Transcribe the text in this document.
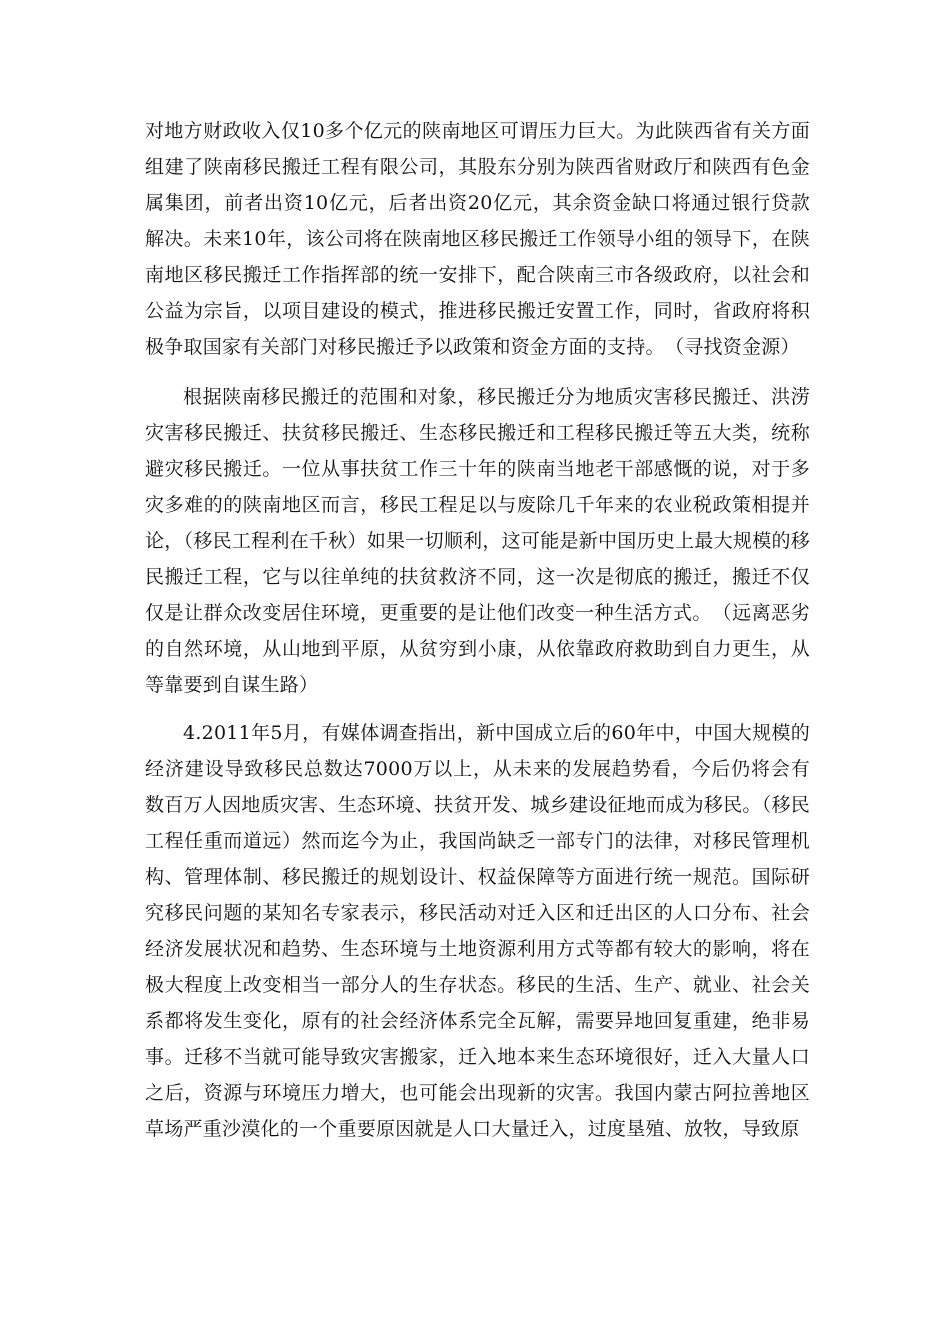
对地方财政收入仅10多个亿元的陕南地区可谓压力巨大。为此陕西省有关方面组建了陕南移民搬迁工程有限公司，其股东分别为陕西省财政厅和陕西有色金属集团，前者出资10亿元，后者出资20亿元，其余资金缺口将通过银行贷款解决。未来10年，该公司将在陕南地区移民搬迁工作领导小组的领导下，在陕南地区移民搬迁工作指挥部的统一安排下，配合陕南三市各级政府，以社会和公益为宗旨，以项目建设的模式，推进移民搬迁安置工作，同时，省政府将积极争取国家有关部门对移民搬迁予以政策和资金方面的支持。　（寻找资金源）

根据陕南移民搬迁的范围和对象，移民搬迁分为地质灾害移民搬迁、洪涝灾害移民搬迁、扶贫移民搬迁、生态移民搬迁和工程移民搬迁等五大类，统称避灾移民搬迁。一位从事扶贫工作三十年的陕南当地老干部感慨的说，对于多灾多难的的陕南地区而言，移民工程足以与废除几千年来的农业税政策相提并论，（移民工程利在千秋）如果一切顺利，这可能是新中国历史上最大规模的移民搬迁工程，它与以往单纯的扶贫救济不同，这一次是彻底的搬迁，搬迁不仅仅是让群众改变居住环境，更重要的是让他们改变一种生活方式。　（远离恶劣的自然环境，从山地到平原，从贫穷到小康，从依靠政府救助到自力更生，从等靠要到自谋生路）

4.2011年5月，有媒体调查指出，新中国成立后的60年中，中国大规模的经济建设导致移民总数达7000万以上，从未来的发展趋势看，今后仍将会有数百万人因地质灾害、生态环境、扶贫开发、城乡建设征地而成为移民。（移民工程任重而道远）然而迄今为止，我国尚缺乏一部专门的法律，对移民管理机构、管理体制、移民搬迁的规划设计、权益保障等方面进行统一规范。国际研究移民问题的某知名专家表示，移民活动对迁入区和迁出区的人口分布、社会经济发展状况和趋势、生态环境与土地资源利用方式等都有较大的影响，将在极大程度上改变相当一部分人的生存状态。移民的生活、生产、就业、社会关系都将发生变化，原有的社会经济体系完全瓦解，需要异地回复重建，绝非易事。迁移不当就可能导致灾害搬家，迁入地本来生态环境很好，迁入大量人口之后，资源与环境压力增大，也可能会出现新的灾害。我国内蒙古阿拉善地区草场严重沙漠化的一个重要原因就是人口大量迁入，过度垦殖、放牧，导致原
